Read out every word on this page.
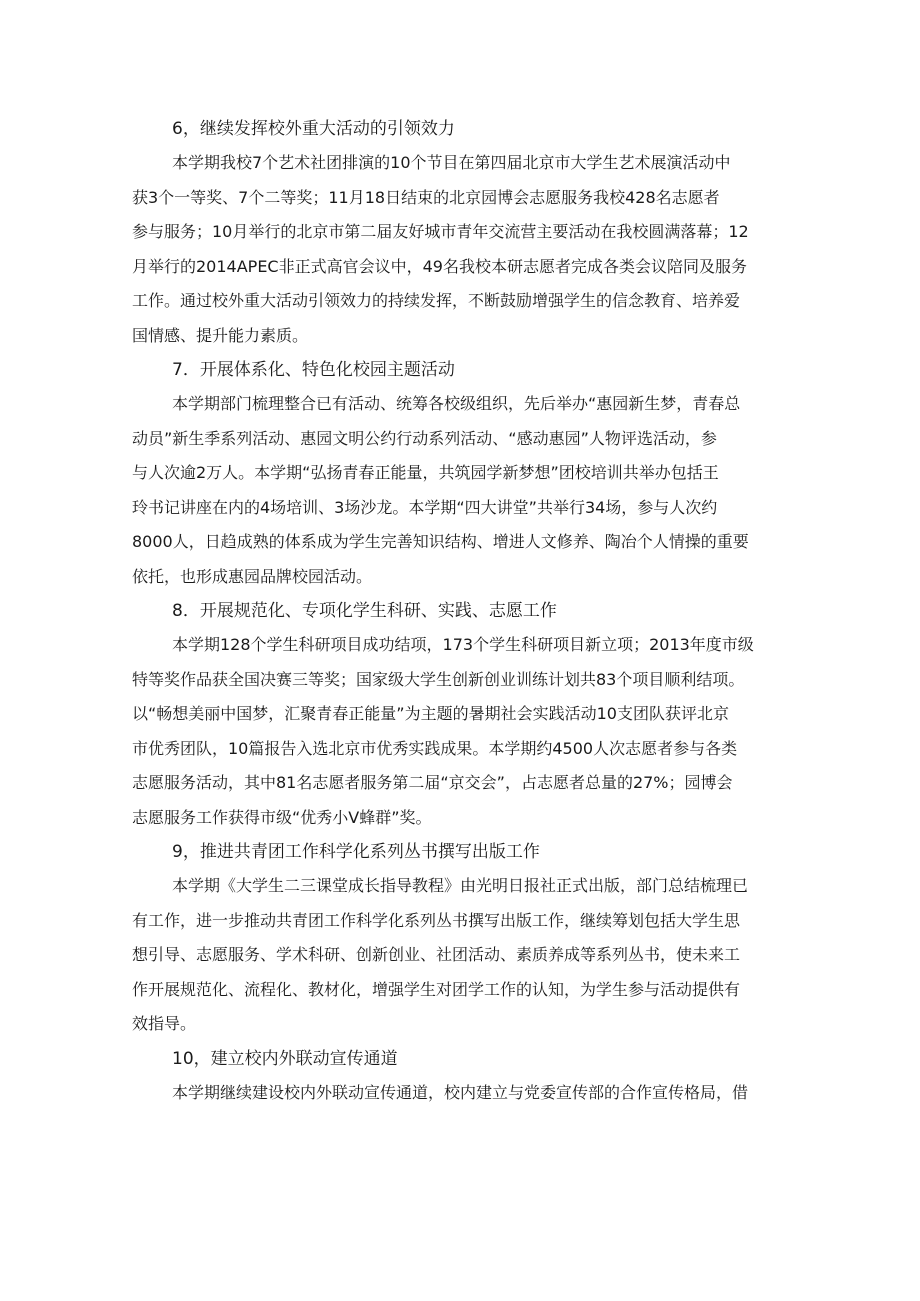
6，继续发挥校外重大活动的引领效力

本学期我校7个艺术社团排演的10个节目在第四届北京市大学生艺术展演活动中
获3个一等奖、7个二等奖；11月18日结束的北京园博会志愿服务我校428名志愿者
参与服务；10月举行的北京市第二届友好城市青年交流营主要活动在我校圆满落幕；12
月举行的2014APEC非正式高官会议中，49名我校本研志愿者完成各类会议陪同及服务
工作。通过校外重大活动引领效力的持续发挥，不断鼓励增强学生的信念教育、培养爱
国情感、提升能力素质。

7．开展体系化、特色化校园主题活动

本学期部门梳理整合已有活动、统筹各校级组织，先后举办“惠园新生梦，青春总
动员”新生季系列活动、惠园文明公约行动系列活动、“感动惠园”人物评选活动，参
与人次逾2万人。本学期“弘扬青春正能量，共筑园学新梦想”团校培训共举办包括王
玲书记讲座在内的4场培训、3场沙龙。本学期“四大讲堂”共举行34场，参与人次约
8000人，日趋成熟的体系成为学生完善知识结构、增进人文修养、陶冶个人情操的重要
依托，也形成惠园品牌校园活动。

8．开展规范化、专项化学生科研、实践、志愿工作

本学期128个学生科研项目成功结项，173个学生科研项目新立项；2013年度市级
特等奖作品获全国决赛三等奖；国家级大学生创新创业训练计划共83个项目顺利结项。
以“畅想美丽中国梦，汇聚青春正能量”为主题的暑期社会实践活动10支团队获评北京
市优秀团队，10篇报告入选北京市优秀实践成果。本学期约4500人次志愿者参与各类
志愿服务活动，其中81名志愿者服务第二届“京交会”，占志愿者总量的27%；园博会
志愿服务工作获得市级“优秀小V蜂群”奖。

9，推进共青团工作科学化系列丛书撰写出版工作

本学期《大学生二三课堂成长指导教程》由光明日报社正式出版，部门总结梳理已
有工作，进一步推动共青团工作科学化系列丛书撰写出版工作，继续筹划包括大学生思
想引导、志愿服务、学术科研、创新创业、社团活动、素质养成等系列丛书，使未来工
作开展规范化、流程化、教材化，增强学生对团学工作的认知，为学生参与活动提供有
效指导。

10，建立校内外联动宣传通道

本学期继续建设校内外联动宣传通道，校内建立与党委宣传部的合作宣传格局，借
